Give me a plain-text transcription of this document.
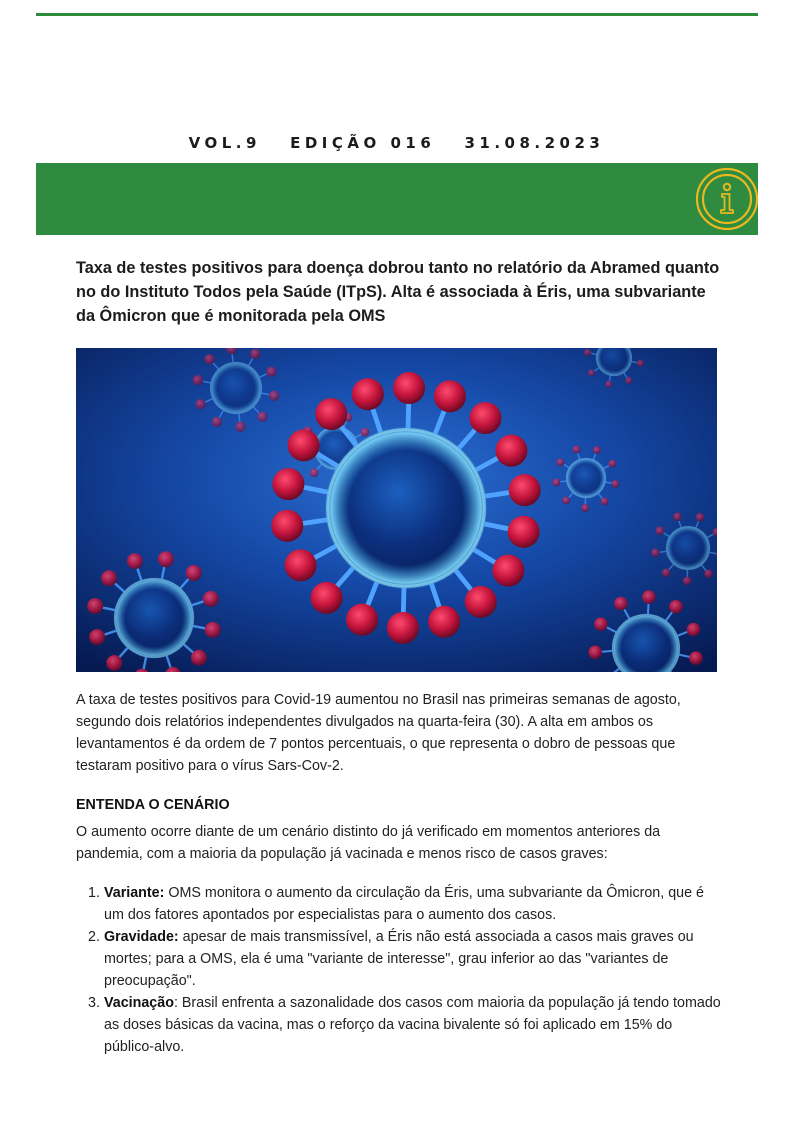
VOL.9 EDIÇÃO 016 31.08.2023
Taxa de testes positivos para doença dobrou tanto no relatório da Abramed quanto no do Instituto Todos pela Saúde (ITpS). Alta é associada à Éris, uma subvariante da Ômicron que é monitorada pela OMS
A taxa de testes positivos para Covid-19 aumentou no Brasil nas primeiras semanas de agosto, segundo dois relatórios independentes divulgados na quarta-feira (30). A alta em ambos os levantamentos é da ordem de 7 pontos percentuais, o que representa o dobro de pessoas que testaram positivo para o vírus Sars-Cov-2.
ENTENDA O CENÁRIO
O aumento ocorre diante de um cenário distinto do já verificado em momentos anteriores da pandemia, com a maioria da população já vacinada e menos risco de casos graves:
1. Variante: OMS monitora o aumento da circulação da Éris, uma subvariante da Ômicron, que é um dos fatores apontados por especialistas para o aumento dos casos.
2. Gravidade: apesar de mais transmissível, a Éris não está associada a casos mais graves ou mortes; para a OMS, ela é uma "variante de interesse", grau inferior ao das "variantes de preocupação".
3. Vacinação: Brasil enfrenta a sazonalidade dos casos com maioria da população já tendo tomado as doses básicas da vacina, mas o reforço da vacina bivalente só foi aplicado em 15% do público-alvo.
